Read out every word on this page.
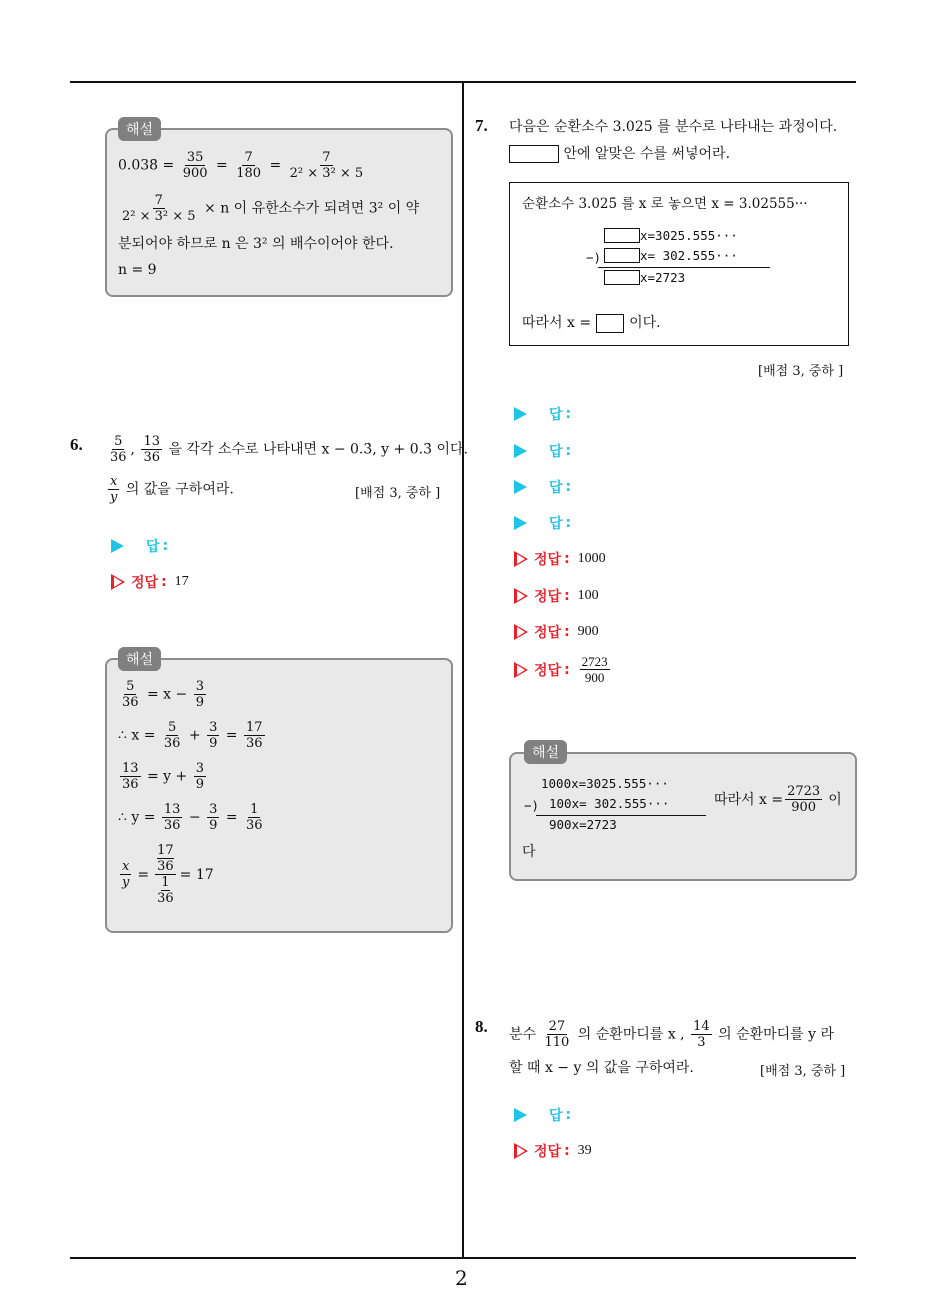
2
해설
0.038̇ = $\frac{35}{900} = \frac{7}{180} = \frac{7}{\text{2² × 3² × 5}}$
$\frac{7}{\text{2² × 3² × 5}} \times n$ 이 유한소수가 되려면 3² 이 약
분되어야 하므로 n 은 3² 의 배수이어야 한다.
n = 9
6. $\frac{5}{36}$ , $\frac{13}{36}$ 을 각각 소수로 나타내면 x − 0.3̇, y + 0.3̇ 이다.
$\frac{x}{y}$ 의 값을 구하여라.	[배점 3, 중하 ]
답 :
정답 : 17
해설
$\frac{5}{36} = x - \frac{3}{9}$
∴ $x = \frac{5}{36} + \frac{3}{9} = \frac{17}{36}$
$\frac{13}{36} = y + \frac{3}{9}$
∴ $y = \frac{13}{36} - \frac{3}{9} = \frac{1}{36}$
$\frac{x}{y} = 17$
36
1
36 = 17
7. 다음은 순환소수 3.025̇ 를 분수로 나타내는 과정이다.
안에 알맞은 수를 써넣어라.
순환소수 3.025̇ 를 x 로 놓으면 x = 3.02555···
x=3025.555···
−)	x= 302.555···
x=2723
따라서 x =	이다.
[배점 3, 중하 ]
답 :
답 :
답 :
답 :
정답 : 1000
정답 : 100
정답 : 900
정답 : $\frac{2723}{900}$
해설
1000x=3025.555···
−) 100x= 302.555···
900x=2723
따라서 $x = \frac{2723}{900}$ 이
다
8. 분수 $\frac{27}{110}$ 의 순환마디를 x , $\frac{14}{3}$ 의 순환마디를 y 라
할 때 x − y 의 값을 구하여라.	[배점 3, 중하 ]
답 :
정답 : 39
